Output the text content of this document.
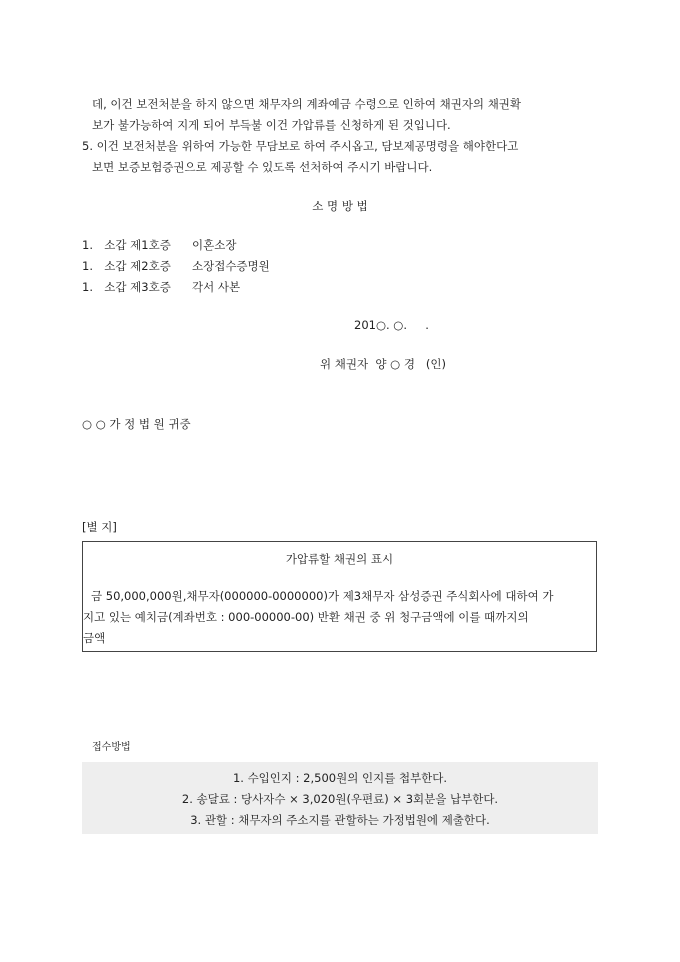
데, 이건 보전처분을 하지 않으면 채무자의 계좌예금 수령으로 인하여 채권자의 채권확
보가 불가능하여 지게 되어 부득불 이건 가압류를 신청하게 된 것입니다.
5. 이건 보전처분을 위하여 가능한 무담보로 하여 주시옵고, 담보제공명령을 해야한다고
보면 보증보험증권으로 제공할 수 있도록 선처하여 주시기 바랍니다.
소 명 방 법
1. 소갑 제1호증 이혼소장
1. 소갑 제2호증 소장접수증명원
1. 소갑 제3호증 각서 사본
201○. ○.     .
위 채권자  양 ○ 경   (인)
○ ○ 가 정 법 원 귀중
[별 지]
가압류할 채권의 표시
금 50,000,000원,채무자(000000-0000000)가 제3채무자 삼성증권 주식회사에 대하여 가
지고 있는 예치금(계좌번호 : 000-00000-00) 반환 채권 중 위 청구금액에 이를 때까지의
금액
접수방법
1. 수입인지 : 2,500원의 인지를 첩부한다.
2. 송달료 : 당사자수 × 3,020원(우편료) × 3회분을 납부한다.
3. 관할 : 채무자의 주소지를 관할하는 가정법원에 제출한다.
